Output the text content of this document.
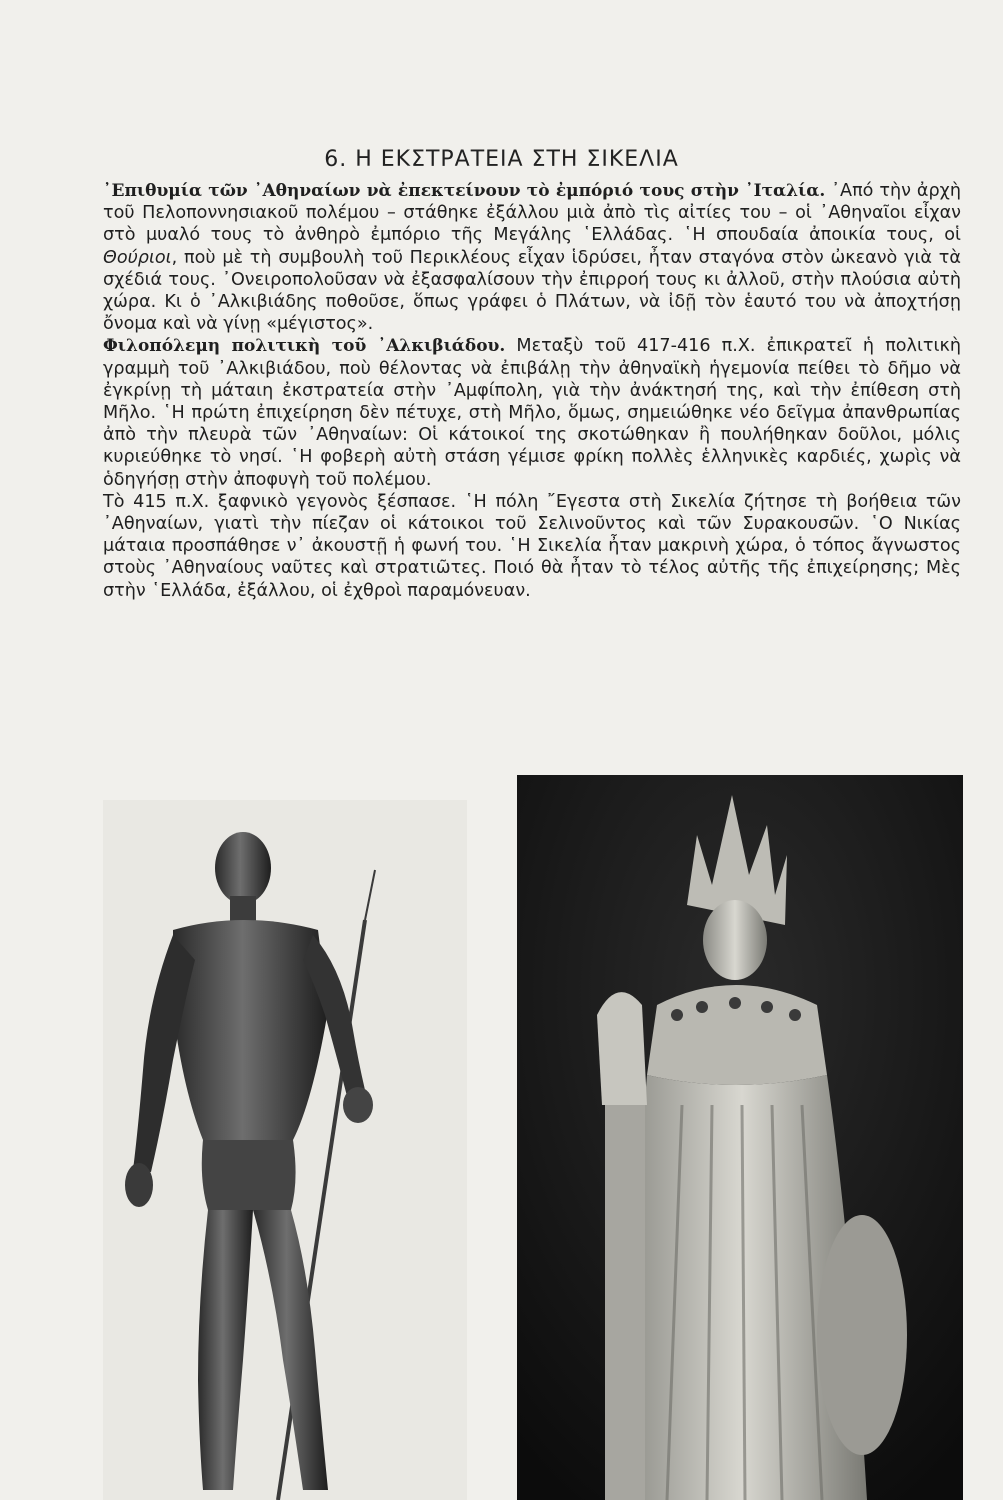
6. Η ΕΚΣΤΡΑΤΕΙΑ ΣΤΗ ΣΙΚΕΛΙΑ

᾿Επιθυμία τῶν ᾿Αθηναίων νὰ ἐπεκτείνουν τὸ ἐμπόριό τους στὴν ᾿Ιταλία. ᾿Από τὴν ἀρχὴ τοῦ Πελοποννησιακοῦ πολέμου – στάθηκε ἐξάλλου μιὰ ἀπὸ τὶς αἰτίες του – οἱ ᾿Αθηναῖοι εἶχαν στὸ μυαλό τους τὸ ἀνθηρὸ ἐμπόριο τῆς Μεγάλης ῾Ελλάδας. ῾Η σπουδαία ἀποικία τους, οἱ Θούριοι, ποὺ μὲ τὴ συμβουλὴ τοῦ Περικλέους εἶχαν ἱδρύσει, ἦταν σταγόνα στὸν ὠκεανὸ γιὰ τὰ σχέδιά τους. ᾿Ονειροπολοῦσαν νὰ ἐξασφαλίσουν τὴν ἐπιρροή τους κι ἀλλοῦ, στὴν πλούσια αὐτὴ χώρα. Κι ὁ ᾿Αλκιβιάδης ποθοῦσε, ὅπως γράφει ὁ Πλάτων, νὰ ἰδῇ τὸν ἑαυτό του νὰ ἀποχτήσῃ ὄνομα καὶ νὰ γίνῃ «μέγιστος».

Φιλοπόλεμη πολιτικὴ τοῦ ᾿Αλκιβιάδου. Μεταξὺ τοῦ 417-416 π.Χ. ἐπικρατεῖ ἡ πολιτικὴ γραμμὴ τοῦ ᾿Αλκιβιάδου, ποὺ θέλοντας νὰ ἐπιβάλῃ τὴν ἀθηναϊκὴ ἡγεμονία πείθει τὸ δῆμο νὰ ἐγκρίνῃ τὴ μάταιη ἐκστρατεία στὴν ᾿Αμφίπολη, γιὰ τὴν ἀνάκτησή της, καὶ τὴν ἐπίθεση στὴ Μῆλο. ῾Η πρώτη ἐπιχείρηση δὲν πέτυχε, στὴ Μῆλο, ὅμως, σημειώθηκε νέο δεῖγμα ἀπανθρωπίας ἀπὸ τὴν πλευρὰ τῶν ᾿Αθηναίων: Οἱ κάτοικοί της σκοτώθηκαν ἢ πουλήθηκαν δοῦλοι, μόλις κυριεύθηκε τὸ νησί. ῾Η φοβερὴ αὐτὴ στάση γέμισε φρίκη πολλὲς ἑλληνικὲς καρδιές, χωρὶς νὰ ὁδηγήσῃ στὴν ἀποφυγὴ τοῦ πολέμου.

Τὸ 415 π.Χ. ξαφνικὸ γεγονὸς ξέσπασε. ῾Η πόλη ῎Εγεστα στὴ Σικελία ζήτησε τὴ βοήθεια τῶν ᾿Αθηναίων, γιατὶ τὴν πίεζαν οἱ κάτοικοι τοῦ Σελινοῦντος καὶ τῶν Συρακουσῶν. ῾Ο Νικίας μάταια προσπάθησε ν᾿ ἀκουστῇ ἡ φωνή του. ῾Η Σικελία ἦταν μακρινὴ χώρα, ὁ τόπος ἄγνωστος στοὺς ᾿Αθηναίους ναῦτες καὶ στρατιῶτες. Ποιό θὰ ἦταν τὸ τέλος αὐτῆς τῆς ἐπιχείρησης; Μὲς στὴν ῾Ελλάδα, ἐξάλλου, οἱ ἐχθροὶ παραμόνευαν.
